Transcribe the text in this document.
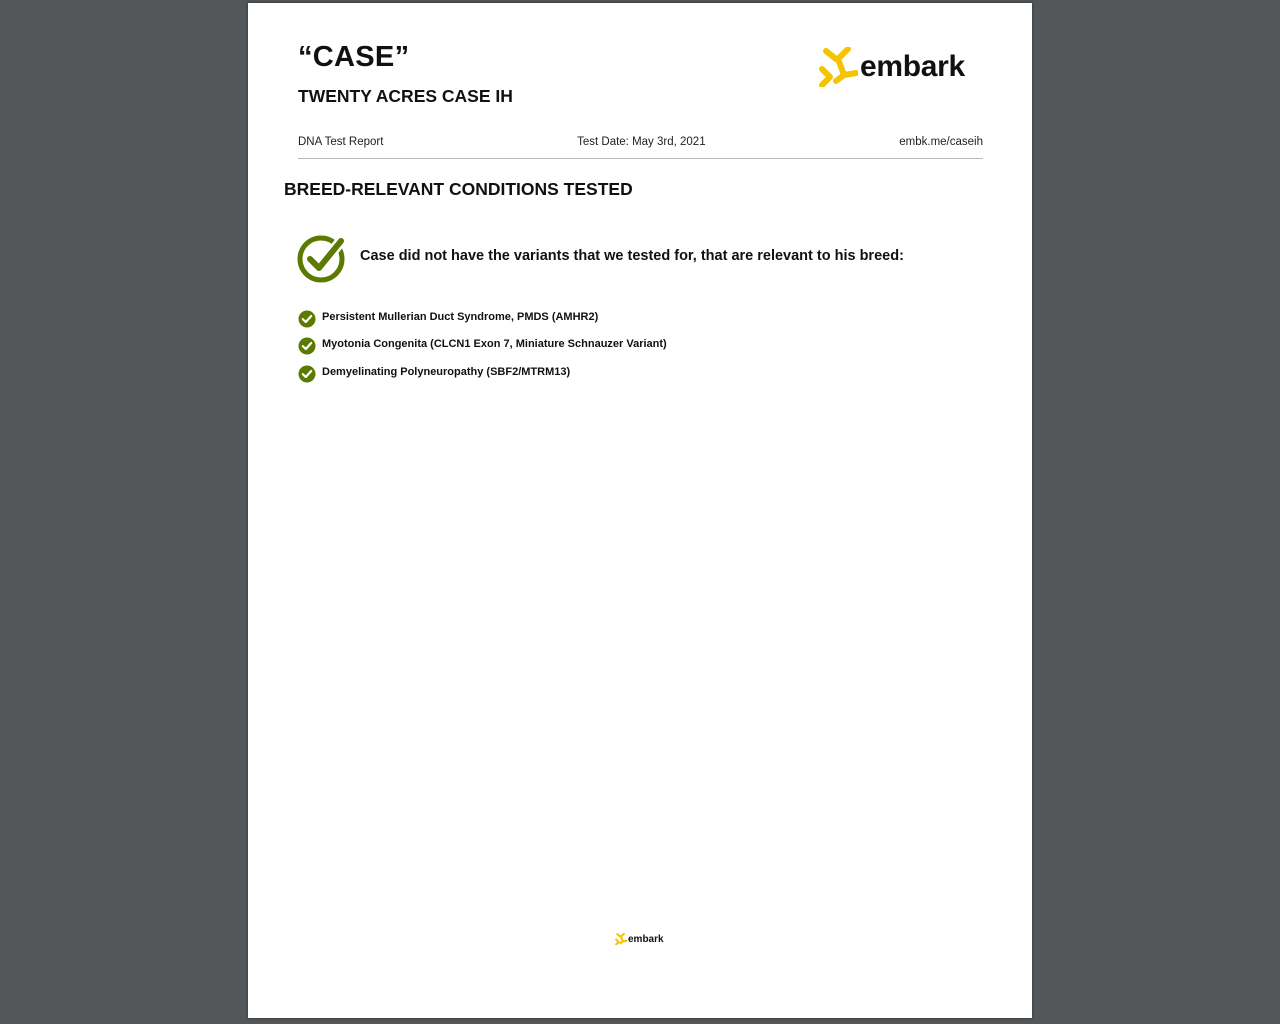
“CASE”
TWENTY ACRES CASE IH
embark
DNA Test Report	Test Date: May 3rd, 2021	embk.me/caseih
BREED-RELEVANT CONDITIONS TESTED
Case did not have the variants that we tested for, that are relevant to his breed:
Persistent Mullerian Duct Syndrome, PMDS (AMHR2)
Myotonia Congenita (CLCN1 Exon 7, Miniature Schnauzer Variant)
Demyelinating Polyneuropathy (SBF2/MTRM13)
embark
